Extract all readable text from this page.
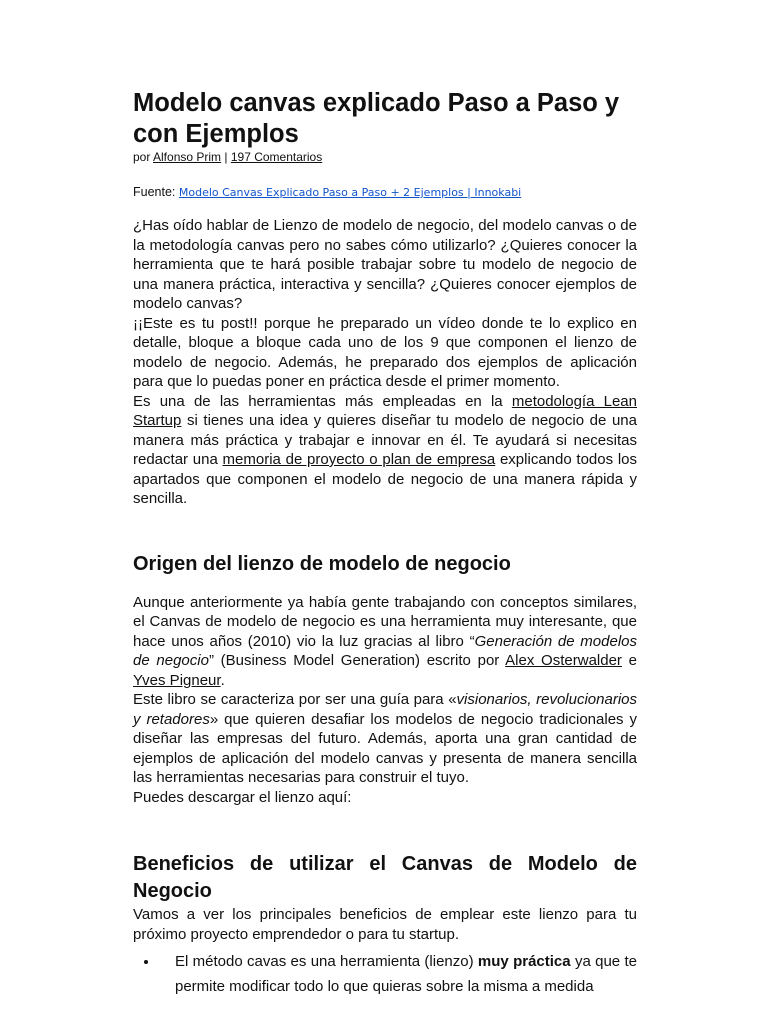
Modelo canvas explicado Paso a Paso y con Ejemplos
por Alfonso Prim | 197 Comentarios
Fuente: Modelo Canvas Explicado Paso a Paso + 2 Ejemplos | Innokabi

¿Has oído hablar de Lienzo de modelo de negocio, del modelo canvas o de la metodología canvas pero no sabes cómo utilizarlo? ¿Quieres conocer la herramienta que te hará posible trabajar sobre tu modelo de negocio de una manera práctica, interactiva y sencilla? ¿Quieres conocer ejemplos de modelo canvas?

¡¡Este es tu post!! porque he preparado un vídeo donde te lo explico en detalle, bloque a bloque cada uno de los 9 que componen el lienzo de modelo de negocio. Además, he preparado dos ejemplos de aplicación para que lo puedas poner en práctica desde el primer momento.

Es una de las herramientas más empleadas en la metodología Lean Startup si tienes una idea y quieres diseñar tu modelo de negocio de una manera más práctica y trabajar e innovar en él. Te ayudará si necesitas redactar una memoria de proyecto o plan de empresa explicando todos los apartados que componen el modelo de negocio de una manera rápida y sencilla.

Origen del lienzo de modelo de negocio

Aunque anteriormente ya había gente trabajando con conceptos similares, el Canvas de modelo de negocio es una herramienta muy interesante, que hace unos años (2010) vio la luz gracias al libro “Generación de modelos de negocio” (Business Model Generation) escrito por Alex Osterwalder e Yves Pigneur.

Este libro se caracteriza por ser una guía para «visionarios, revolucionarios y retadores» que quieren desafiar los modelos de negocio tradicionales y diseñar las empresas del futuro. Además, aporta una gran cantidad de ejemplos de aplicación del modelo canvas y presenta de manera sencilla las herramientas necesarias para construir el tuyo.

Puedes descargar el lienzo aquí:

Beneficios de utilizar el Canvas de Modelo de
Negocio

Vamos a ver los principales beneficios de emplear este lienzo para tu próximo proyecto emprendedor o para tu startup.

• El método cavas es una herramienta (lienzo) muy práctica ya que te permite modificar todo lo que quieras sobre la misma a medida
